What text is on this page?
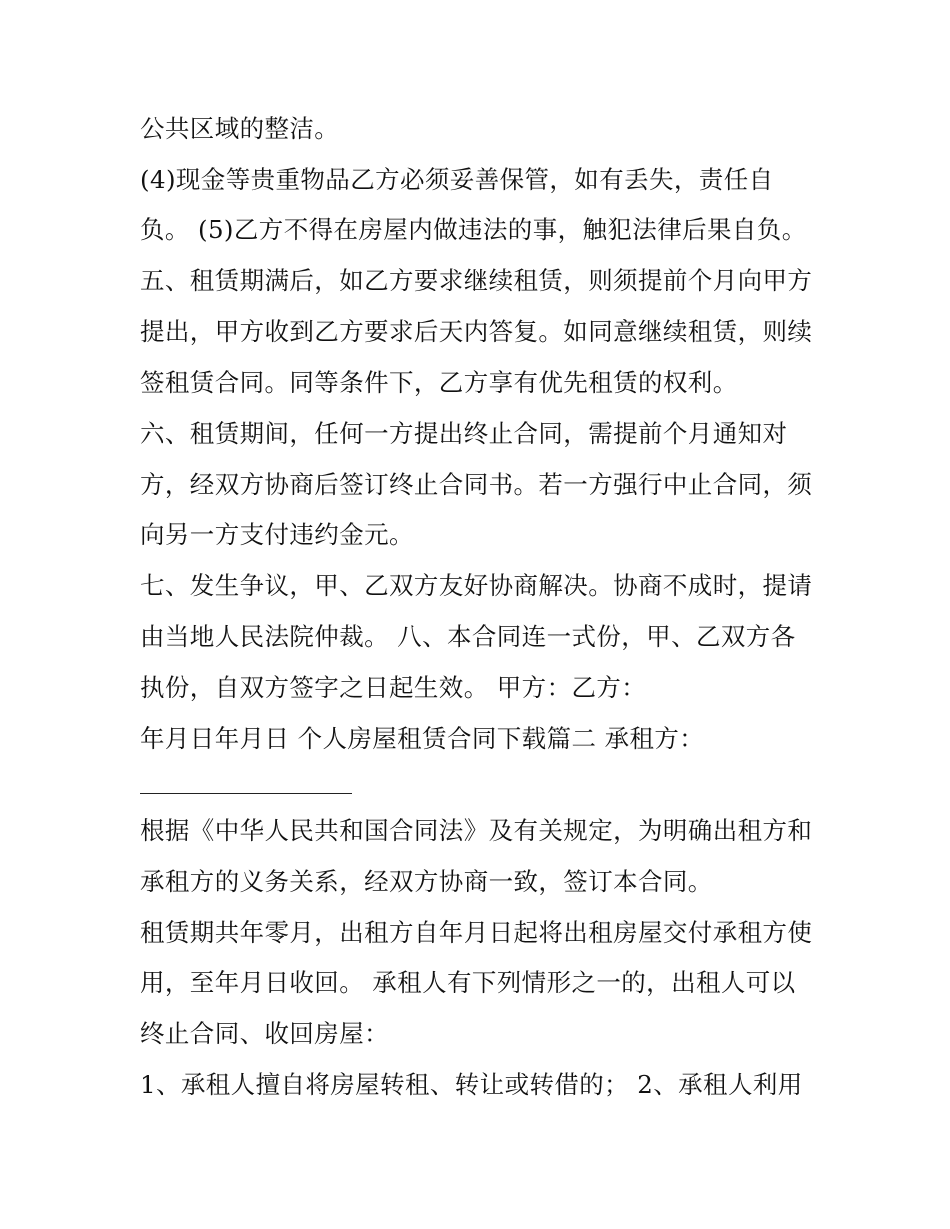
公共区域的整洁。
(4)现金等贵重物品乙方必须妥善保管，如有丢失，责任自
负。 (5)乙方不得在房屋内做违法的事，触犯法律后果自负。
五、租赁期满后，如乙方要求继续租赁，则须提前个月向甲方
提出，甲方收到乙方要求后天内答复。如同意继续租赁，则续
签租赁合同。同等条件下，乙方享有优先租赁的权利。
六、租赁期间，任何一方提出终止合同，需提前个月通知对
方，经双方协商后签订终止合同书。若一方强行中止合同，须
向另一方支付违约金元。
七、发生争议，甲、乙双方友好协商解决。协商不成时，提请
由当地人民法院仲裁。 八、本合同连一式份，甲、乙双方各
执份，自双方签字之日起生效。 甲方：乙方：
年月日年月日 个人房屋租赁合同下载篇二 承租方：
根据《中华人民共和国合同法》及有关规定，为明确出租方和
承租方的义务关系，经双方协商一致，签订本合同。
租赁期共年零月，出租方自年月日起将出租房屋交付承租方使
用，至年月日收回。 承租人有下列情形之一的，出租人可以
终止合同、收回房屋：
1、承租人擅自将房屋转租、转让或转借的； 2、承租人利用
